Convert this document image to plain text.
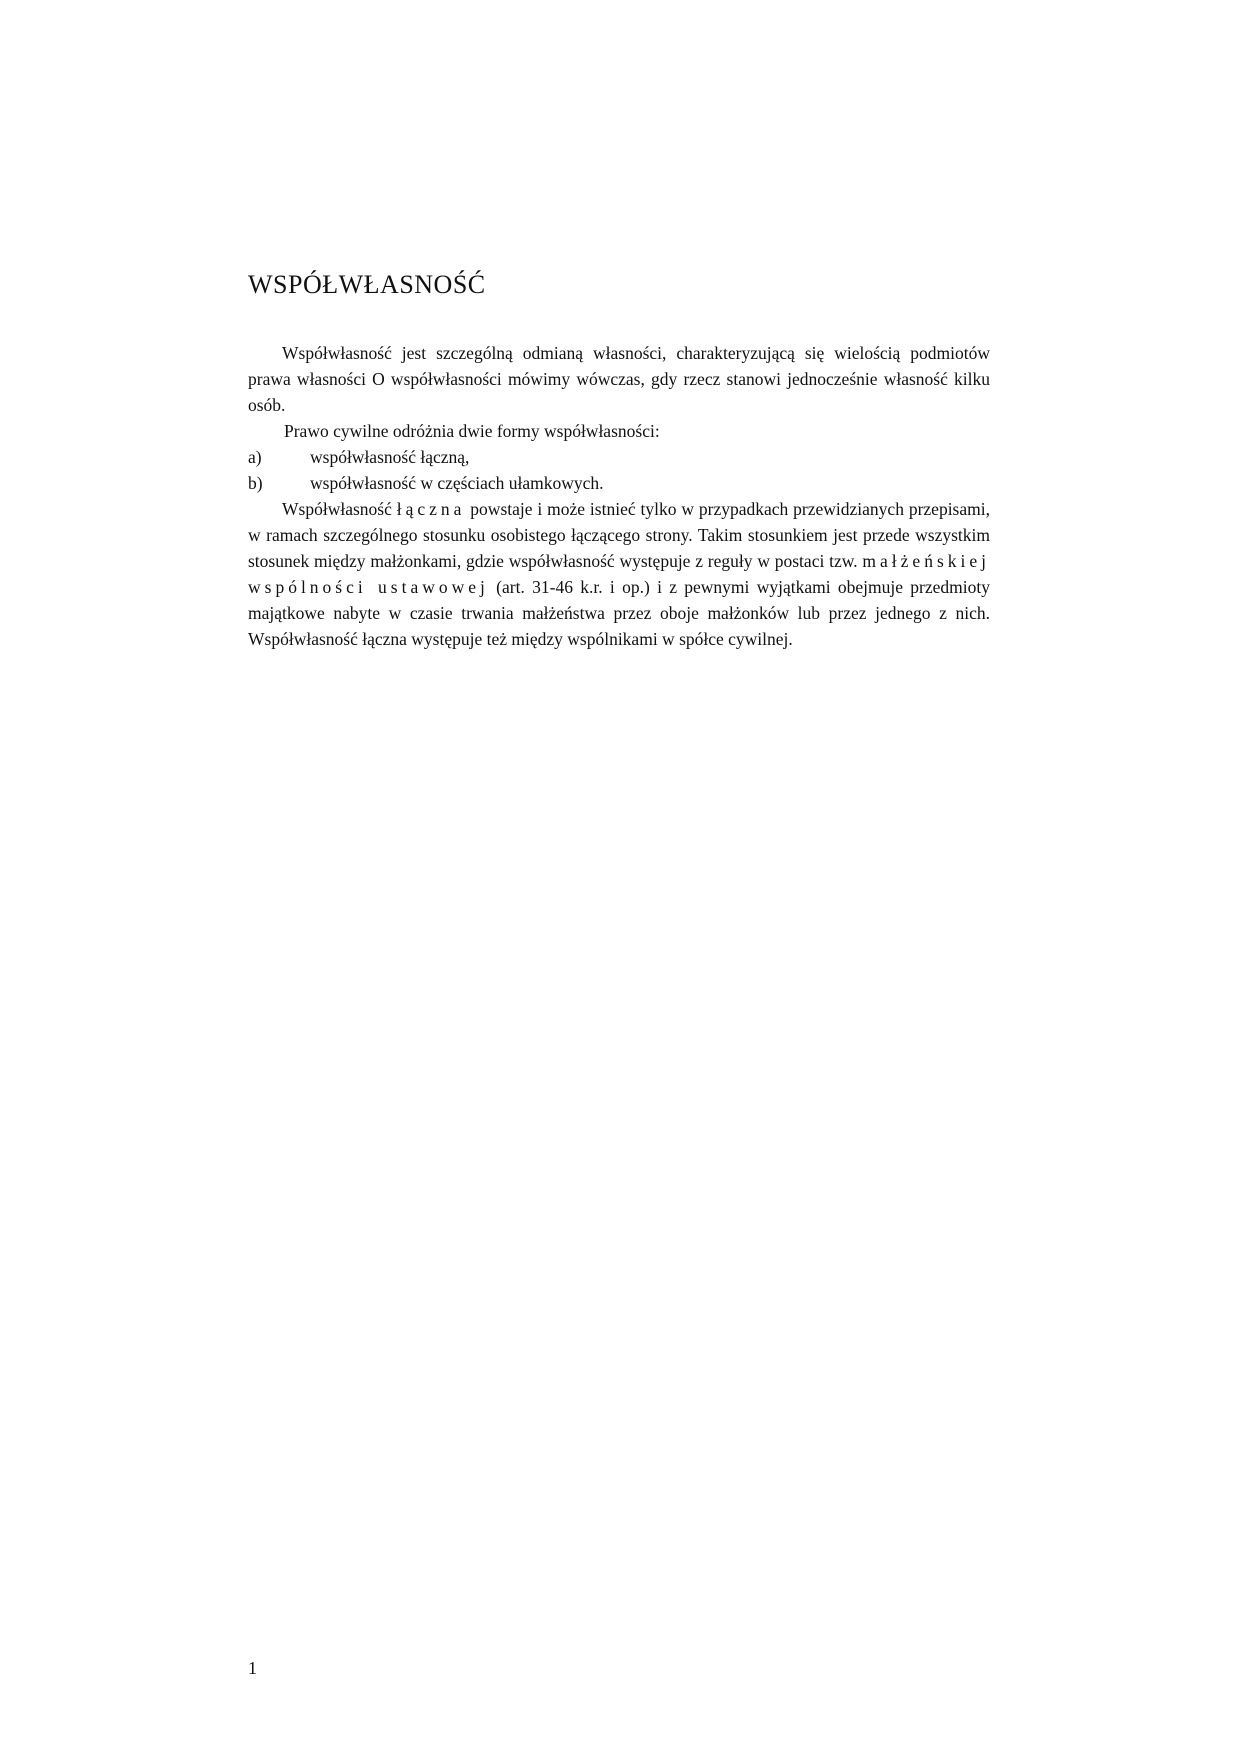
WSPÓŁWŁASNOŚĆ

Współwłasność jest szczególną odmianą własności, charakteryzującą się wielością podmiotów prawa własności O współwłasności mówimy wówczas, gdy rzecz stanowi jednocześnie własność kilku osób.

Prawo cywilne odróżnia dwie formy współwłasności:

a)	współwłasność łączną,
b)	współwłasność w częściach ułamkowych.

Współwłasność łączna powstaje i może istnieć tylko w przypadkach przewidzianych przepisami, w ramach szczególnego stosunku osobistego łączącego strony. Takim stosunkiem jest przede wszystkim stosunek między małżonkami, gdzie współwłasność występuje z reguły w postaci tzw. małżeńskiej wspólności ustawowej (art. 31-46 k.r. i op.) i z pewnymi wyjątkami obejmuje przedmioty majątkowe nabyte w czasie trwania małżeństwa przez oboje małżonków lub przez jednego z nich. Współwłasność łączna występuje też między wspólnikami w spółce cywilnej.

1
